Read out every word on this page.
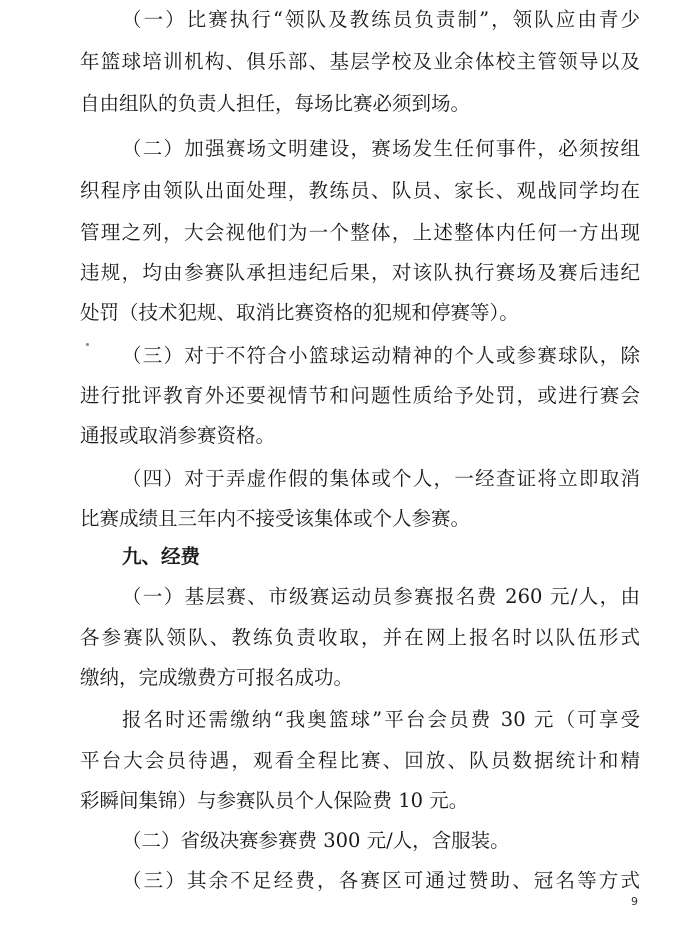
（一）比赛执行“领队及教练员负责制”，领队应由青少
年篮球培训机构、俱乐部、基层学校及业余体校主管领导以及
自由组队的负责人担任，每场比赛必须到场。
（二）加强赛场文明建设，赛场发生任何事件，必须按组
织程序由领队出面处理，教练员、队员、家长、观战同学均在
管理之列，大会视他们为一个整体，上述整体内任何一方出现
违规，均由参赛队承担违纪后果，对该队执行赛场及赛后违纪
处罚（技术犯规、取消比赛资格的犯规和停赛等）。
（三）对于不符合小篮球运动精神的个人或参赛球队，除
进行批评教育外还要视情节和问题性质给予处罚，或进行赛会
通报或取消参赛资格。
（四）对于弄虚作假的集体或个人，一经查证将立即取消
比赛成绩且三年内不接受该集体或个人参赛。
九、经费
（一）基层赛、市级赛运动员参赛报名费 260 元/人，由
各参赛队领队、教练负责收取，并在网上报名时以队伍形式
缴纳，完成缴费方可报名成功。
报名时还需缴纳“我奥篮球”平台会员费 30 元（可享受
平台大会员待遇，观看全程比赛、回放、队员数据统计和精
彩瞬间集锦）与参赛队员个人保险费 10 元。
（二）省级决赛参赛费 300 元/人，含服装。
（三）其余不足经费，各赛区可通过赞助、冠名等方式
9
